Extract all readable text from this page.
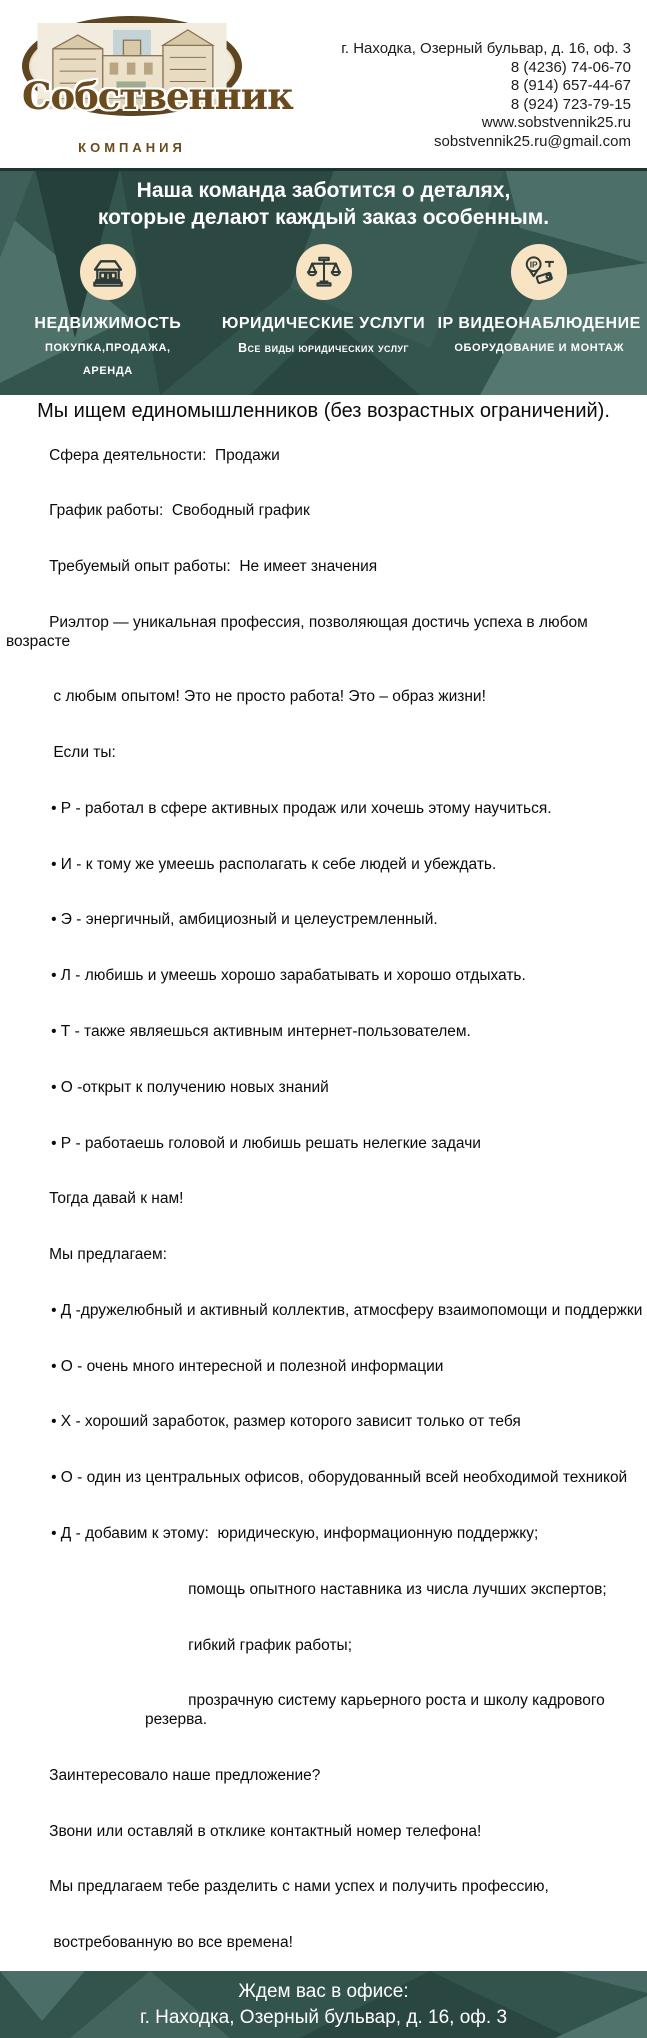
Собственник
КОМПАНИЯ
г. Находка, Озерный бульвар, д. 16, оф. 3
8 (4236) 74-06-70
8 (914) 657-44-67
8 (924) 723-79-15
www.sobstvennik25.ru
sobstvennik25.ru@gmail.com
Наша команда заботится о деталях,
которые делают каждый заказ особенным.
НЕДВИЖИМОСТЬ
ПОКУПКА,ПРОДАЖА,
АРЕНДА
ЮРИДИЧЕСКИЕ УСЛУГИ
Все виды юридических услуг
IP
IP ВИДЕОНАБЛЮДЕНИЕ
ОБОРУДОВАНИЕ И МОНТАЖ
Мы ищем единомышленников (без возрастных ограничений).

Сфера деятельности:  Продажи

График работы:  Свободный график

Требуемый опыт работы:  Не имеет значения

Риэлтор — уникальная профессия, позволяющая достичь успеха в любом возрасте

с любым опытом! Это не просто работа! Это – образ жизни!

Если ты:

• Р - работал в сфере активных продаж или хочешь этому научиться.

• И - к тому же умеешь располагать к себе людей и убеждать.

• Э - энергичный, амбициозный и целеустремленный.

• Л - любишь и умеешь хорошо зарабатывать и хорошо отдыхать.

• Т - также являешься активным интернет-пользователем.

• О -открыт к получению новых знаний

• Р - работаешь головой и любишь решать нелегкие задачи

Тогда давай к нам!

Мы предлагаем:

• Д -дружелюбный и активный коллектив, атмосферу взаимопомощи и поддержки

• О - очень много интересной и полезной информации

• Х - хороший заработок, размер которого зависит только от тебя

• О - один из центральных офисов, оборудованный всей необходимой техникой

• Д - добавим к этому:  юридическую, информационную поддержку;

помощь опытного наставника из числа лучших экспертов;

гибкий график работы;

прозрачную систему карьерного роста и школу кадрового резерва.

Заинтересовало наше предложение?

Звони или оставляй в отклике контактный номер телефона!

Мы предлагаем тебе разделить с нами успех и получить профессию,

востребованную во все времена!

Ждем вас в офисе:
г. Находка, Озерный бульвар, д. 16, оф. 3
